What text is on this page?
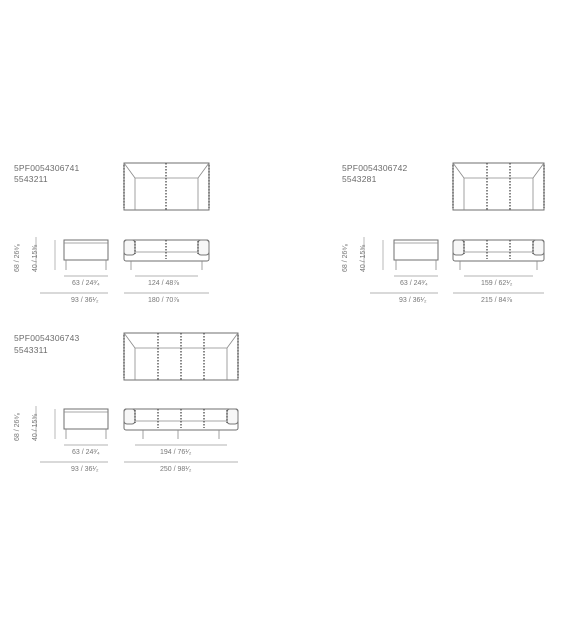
5PF0054306741
5543211
68 / 26⁸⁄₈ 40 / 15⅝
63 / 24³⁄₄
93 / 36¹⁄₂
124 / 48⅞
180 / 70⅞
5PF0054306742
5543281
68 / 26⁸⁄₈ 40 / 15⅝
63 / 24³⁄₄
93 / 36¹⁄₂
159 / 62¹⁄₂
215 / 84⅞
5PF0054306743
5543311
68 / 26⁸⁄₈ 40 / 15⅝
63 / 24³⁄₄
93 / 36¹⁄₂
194 / 76¹⁄₂
250 / 98¹⁄₂
